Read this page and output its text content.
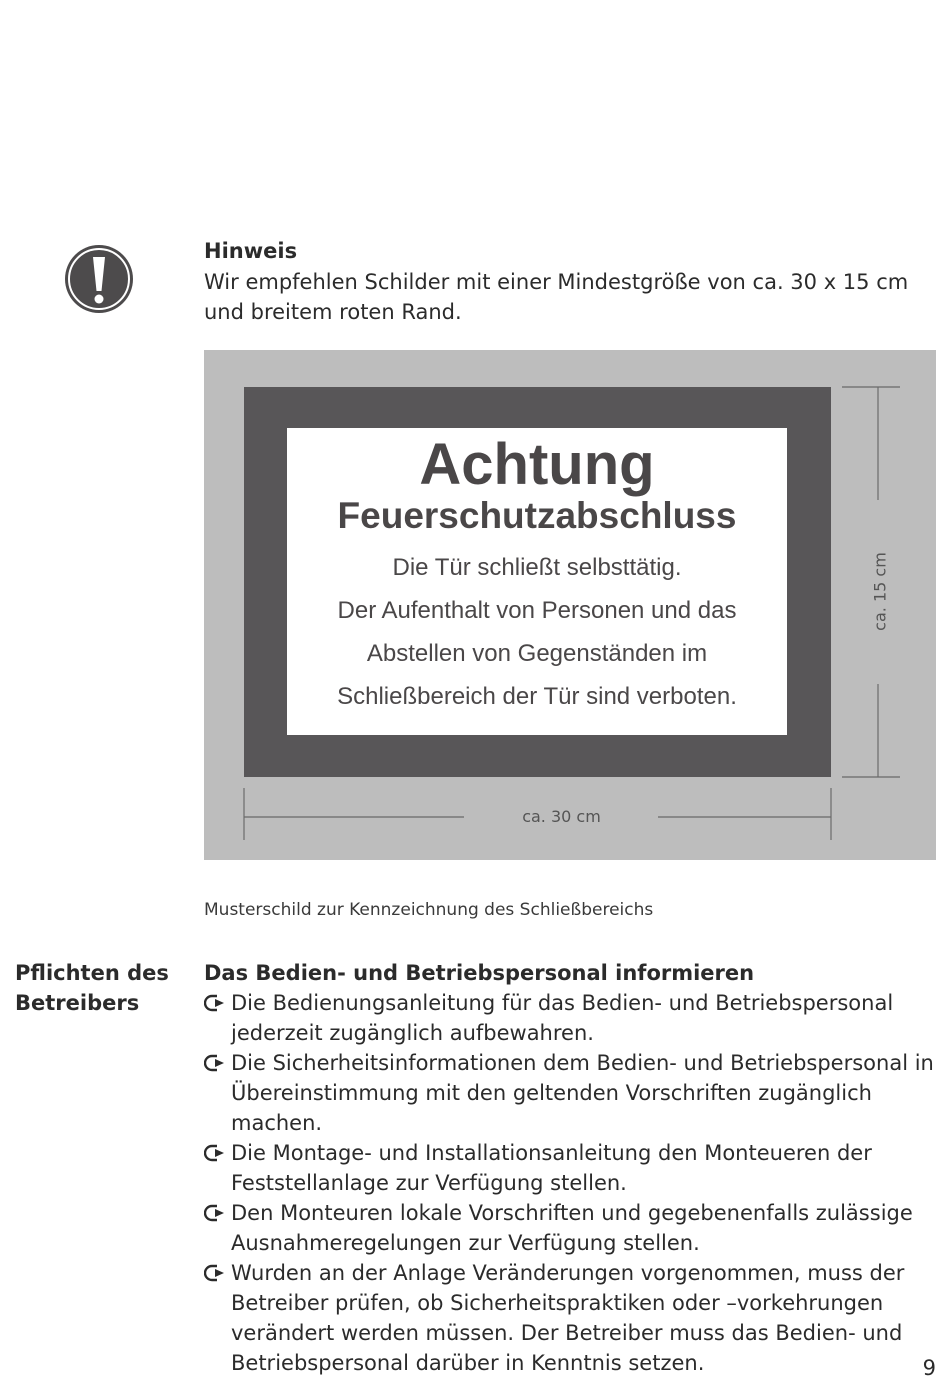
Hinweis
Wir empfehlen Schilder mit einer Mindestgröße von ca. 30 x 15 cm und breitem roten Rand.
Achtung
Feuerschutzabschluss
Die Tür schließt selbsttätig.
Der Aufenthalt von Personen und das
Abstellen von Gegenständen im
Schließbereich der Tür sind verboten.
ca. 15 cm
ca. 30 cm
Musterschild zur Kennzeichnung des Schließbereichs
Pflichten des Betreibers
Das Bedien- und Betriebspersonal informieren
Die Bedienungsanleitung für das Bedien- und Betriebspersonal jederzeit zugänglich aufbewahren.
Die Sicherheitsinformationen dem Bedien- und Betriebspersonal in Übereinstimmung mit den geltenden Vorschriften zugänglich machen.
Die Montage- und Installationsanleitung den Monteueren der Feststellanlage zur Verfügung stellen.
Den Monteuren lokale Vorschriften und gegebenenfalls zulässige Ausnahmeregelungen zur Verfügung stellen.
Wurden an der Anlage Veränderungen vorgenommen, muss der Betreiber prüfen, ob Sicherheitspraktiken oder –vorkehrungen verändert werden müssen. Der Betreiber muss das Bedien- und Betriebspersonal darüber in Kenntnis setzen.	9
